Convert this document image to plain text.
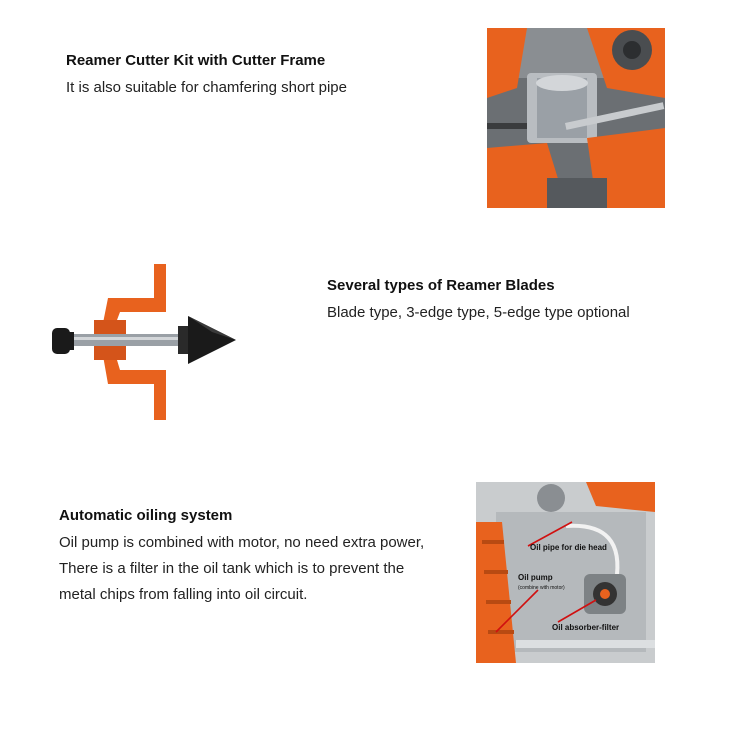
Reamer Cutter Kit with Cutter Frame

It is also suitable for chamfering short pipe

Several types of Reamer Blades

Blade type, 3-edge type, 5-edge type optional

Automatic oiling system

Oil pump is combined with motor, no need extra power, There is a filter in the oil tank which is to prevent the metal chips from falling into oil circuit.

Oil pipe for die head
Oil pump
(combine with motor)
Oil absorber-filter
